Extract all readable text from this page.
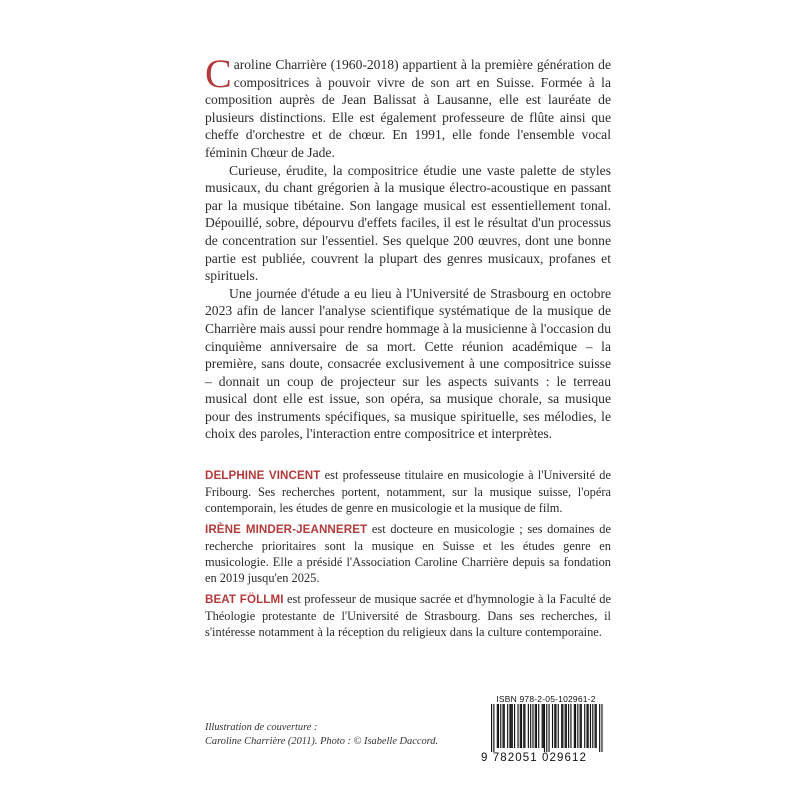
Caroline Charrière (1960-2018) appartient à la première génération de compositrices à pouvoir vivre de son art en Suisse. Formée à la composition auprès de Jean Balissat à Lausanne, elle est lauréate de plusieurs distinctions. Elle est également professeure de flûte ainsi que cheffe d'orchestre et de chœur. En 1991, elle fonde l'ensemble vocal féminin Chœur de Jade.

Curieuse, érudite, la compositrice étudie une vaste palette de styles musicaux, du chant grégorien à la musique électro-acoustique en passant par la musique tibétaine. Son langage musical est essentiellement tonal. Dépouillé, sobre, dépourvu d'effets faciles, il est le résultat d'un processus de concentration sur l'essentiel. Ses quelque 200 œuvres, dont une bonne partie est publiée, couvrent la plupart des genres musicaux, profanes et spirituels.

Une journée d'étude a eu lieu à l'Université de Strasbourg en octobre 2023 afin de lancer l'analyse scientifique systématique de la musique de Charrière mais aussi pour rendre hommage à la musicienne à l'occasion du cinquième anniversaire de sa mort. Cette réunion académique – la première, sans doute, consacrée exclusivement à une compositrice suisse – donnait un coup de projecteur sur les aspects suivants : le terreau musical dont elle est issue, son opéra, sa musique chorale, sa musique pour des instruments spécifiques, sa musique spirituelle, ses mélodies, le choix des paroles, l'interaction entre compositrice et interprètes.

DELPHINE VINCENT est professeuse titulaire en musicologie à l'Université de Fribourg. Ses recherches portent, notamment, sur la musique suisse, l'opéra contemporain, les études de genre en musicologie et la musique de film.

IRÈNE MINDER-JEANNERET est docteure en musicologie ; ses domaines de recherche prioritaires sont la musique en Suisse et les études genre en musicologie. Elle a présidé l'Association Caroline Charrière depuis sa fondation en 2019 jusqu'en 2025.

BEAT FÖLLMI est professeur de musique sacrée et d'hymnologie à la Faculté de Théologie protestante de l'Université de Strasbourg. Dans ses recherches, il s'intéresse notamment à la réception du religieux dans la culture contemporaine.

Illustration de couverture :
Caroline Charrière (2011). Photo : © Isabelle Daccord.
ISBN 978-2-05-102961-2
9 782051 029612
